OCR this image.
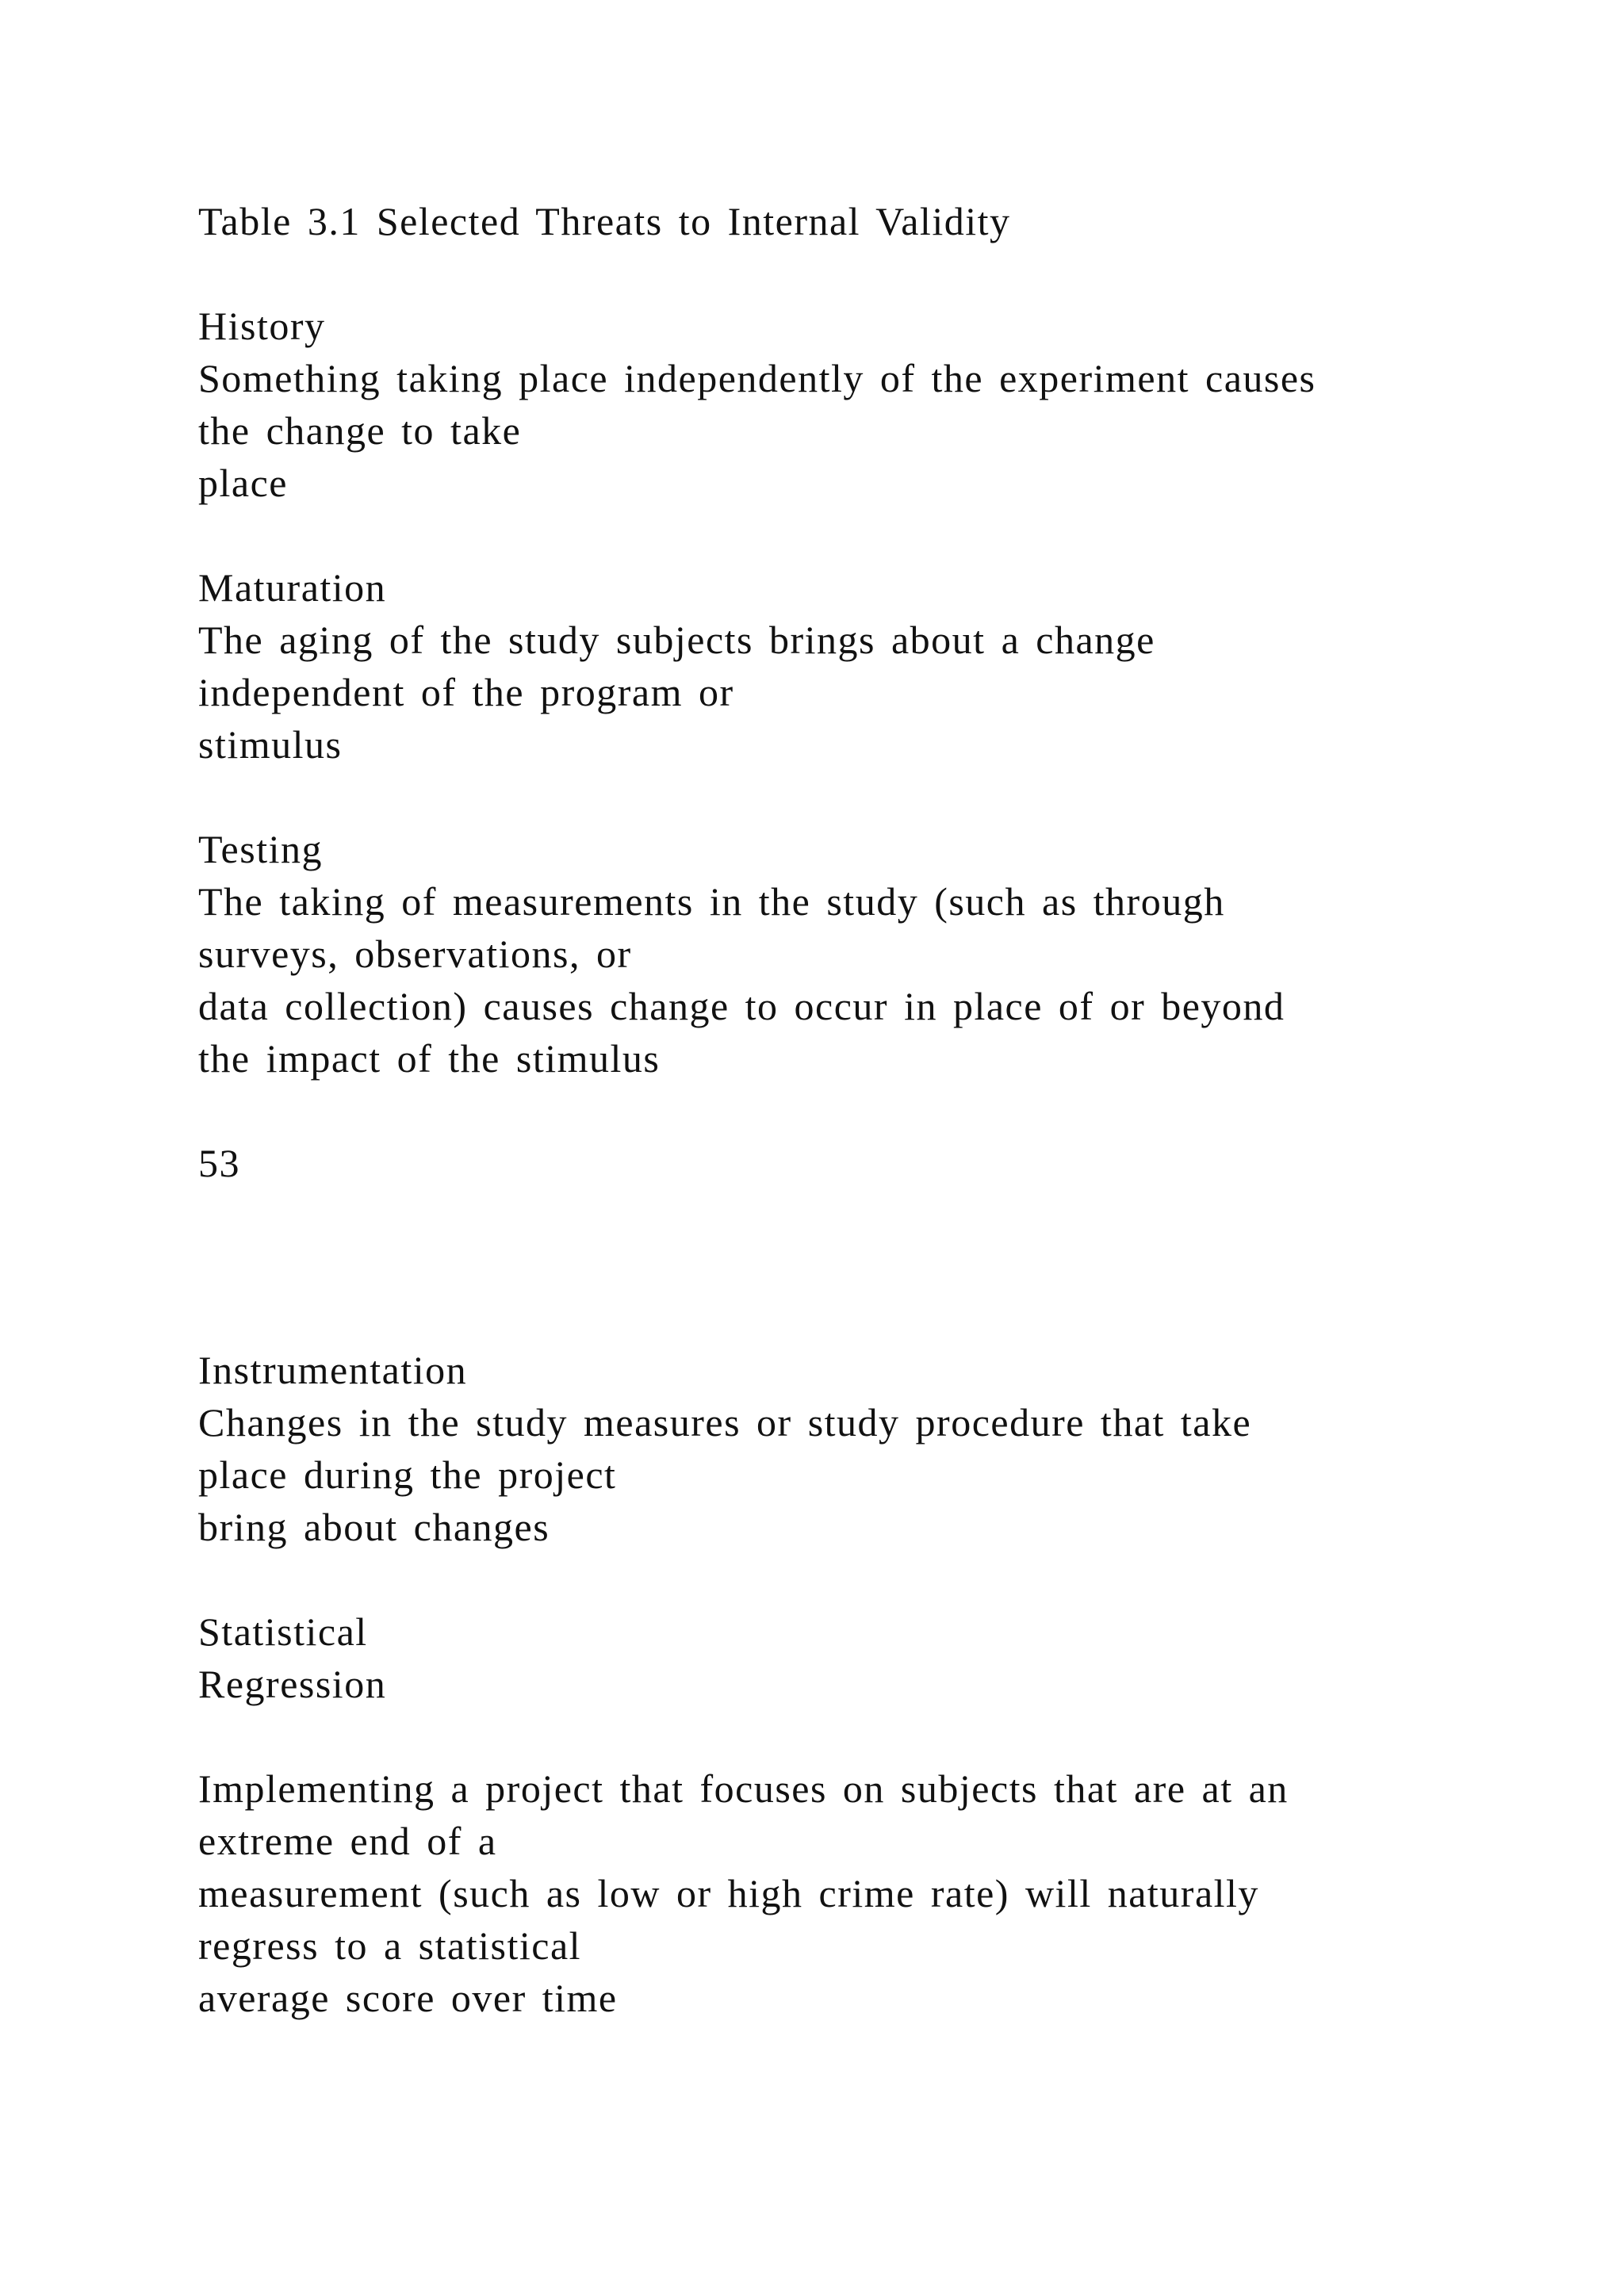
Table 3.1 Selected Threats to Internal Validity

History

Something taking place independently of the experiment causes

the change to take

place

Maturation

The aging of the study subjects brings about a change

independent of the program or

stimulus

Testing

The taking of measurements in the study (such as through

surveys, observations, or

data collection) causes change to occur in place of or beyond

the impact of the stimulus

53

Instrumentation

Changes in the study measures or study procedure that take

place during the project

bring about changes

Statistical

Regression

Implementing a project that focuses on subjects that are at an

extreme end of a

measurement (such as low or high crime rate) will naturally

regress to a statistical

average score over time
